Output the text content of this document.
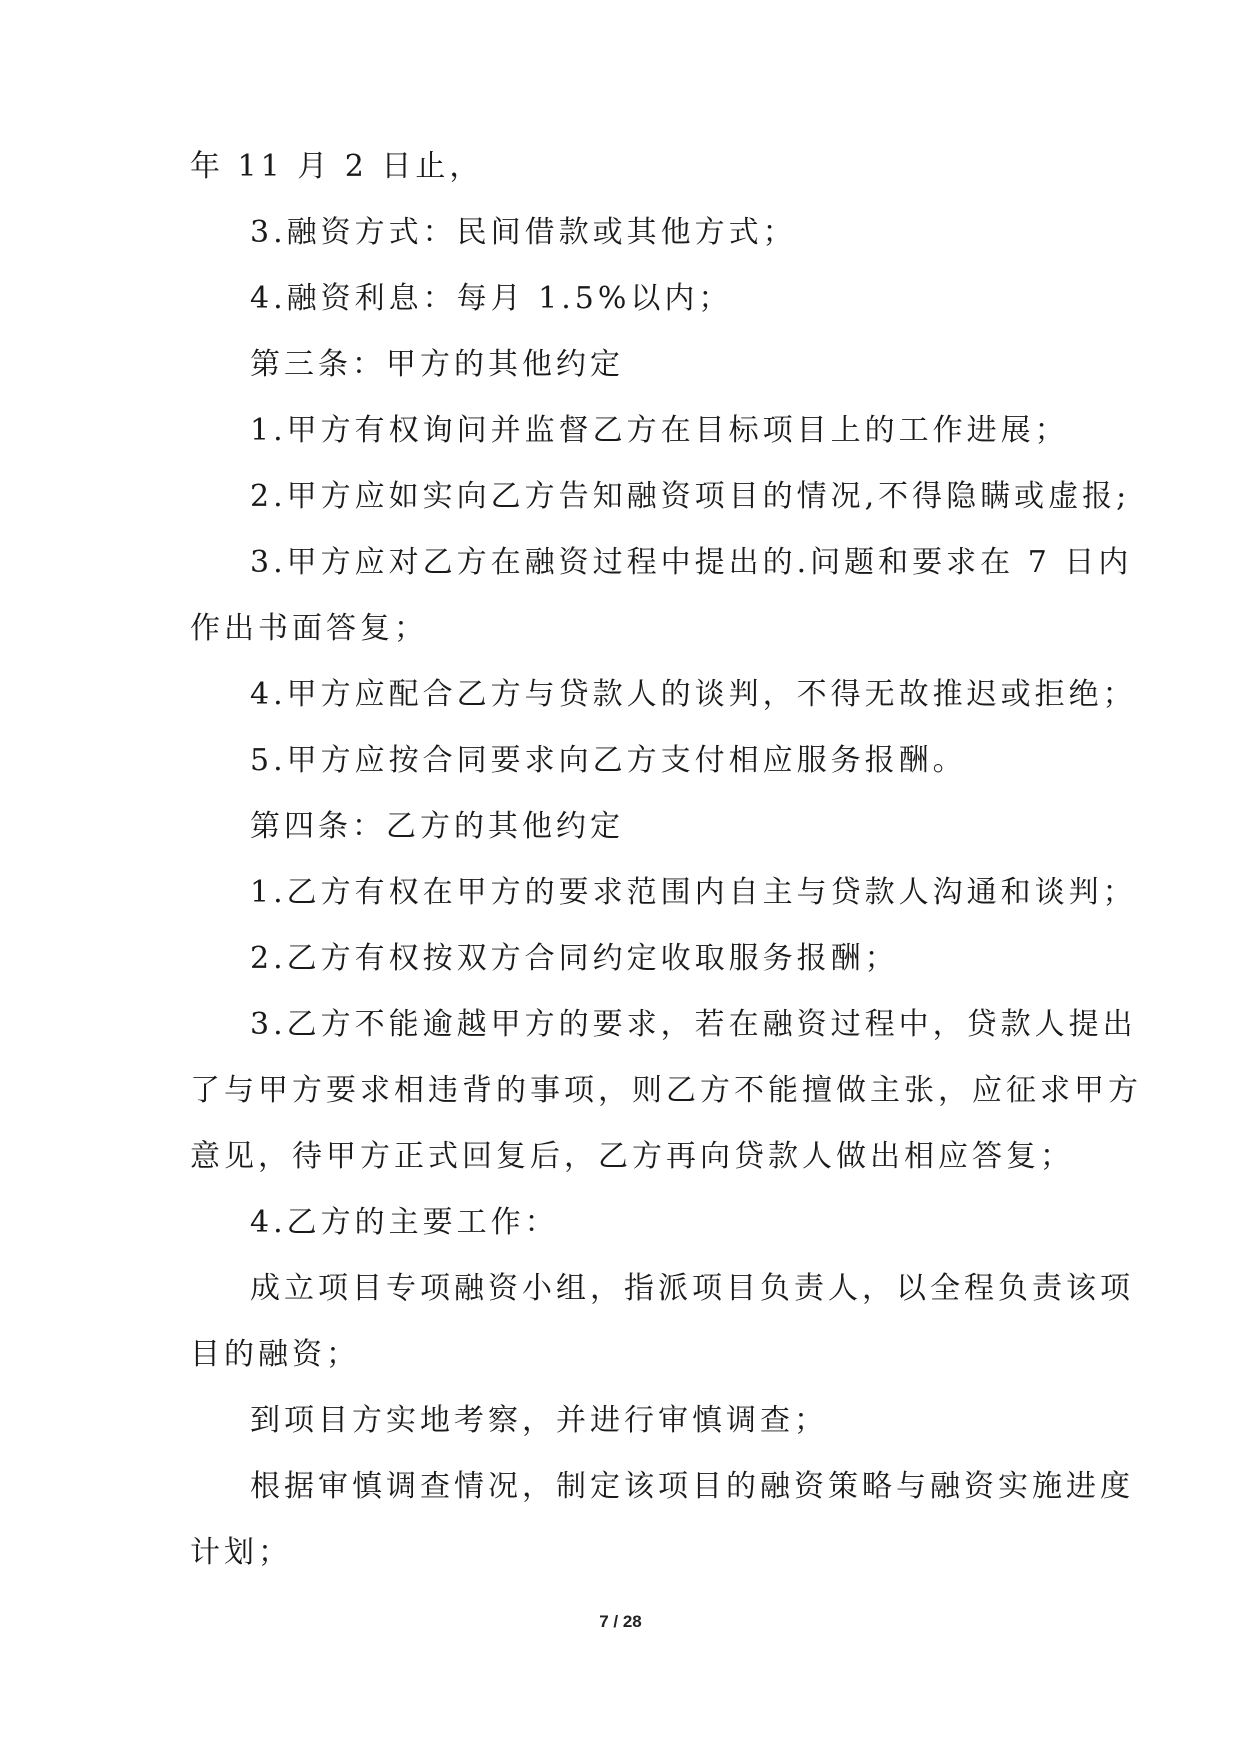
年 11 月 2 日止，
3.融资方式：民间借款或其他方式；
4.融资利息：每月 1.5%以内；
第三条：甲方的其他约定
1.甲方有权询问并监督乙方在目标项目上的工作进展；
2.甲方应如实向乙方告知融资项目的情况,不得隐瞒或虚报;
3.甲方应对乙方在融资过程中提出的.问题和要求在 7 日内
作出书面答复；
4.甲方应配合乙方与贷款人的谈判，不得无故推迟或拒绝；
5.甲方应按合同要求向乙方支付相应服务报酬。
第四条：乙方的其他约定
1.乙方有权在甲方的要求范围内自主与贷款人沟通和谈判；
2.乙方有权按双方合同约定收取服务报酬；
3.乙方不能逾越甲方的要求，若在融资过程中，贷款人提出
了与甲方要求相违背的事项，则乙方不能擅做主张，应征求甲方
意见，待甲方正式回复后，乙方再向贷款人做出相应答复；
4.乙方的主要工作：
成立项目专项融资小组，指派项目负责人，以全程负责该项
目的融资；
到项目方实地考察，并进行审慎调查；
根据审慎调查情况，制定该项目的融资策略与融资实施进度
计划；
7 / 28
